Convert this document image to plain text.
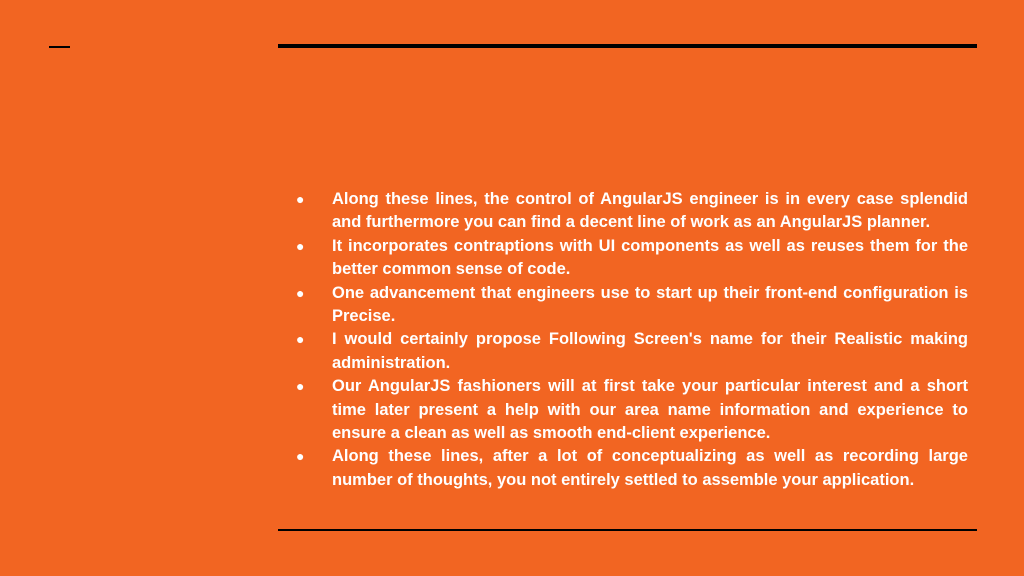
● Along these lines, the control of AngularJS engineer is in every case splendid and furthermore you can find a decent line of work as an AngularJS planner.
● It incorporates contraptions with UI components as well as reuses them for the better common sense of code.
● One advancement that engineers use to start up their front-end configuration is Precise.
● I would certainly propose Following Screen's name for their Realistic making administration.
● Our AngularJS fashioners will at first take your particular interest and a short time later present a help with our area name information and experience to ensure a clean as well as smooth end-client experience.
● Along these lines, after a lot of conceptualizing as well as recording large number of thoughts, you not entirely settled to assemble your application.
